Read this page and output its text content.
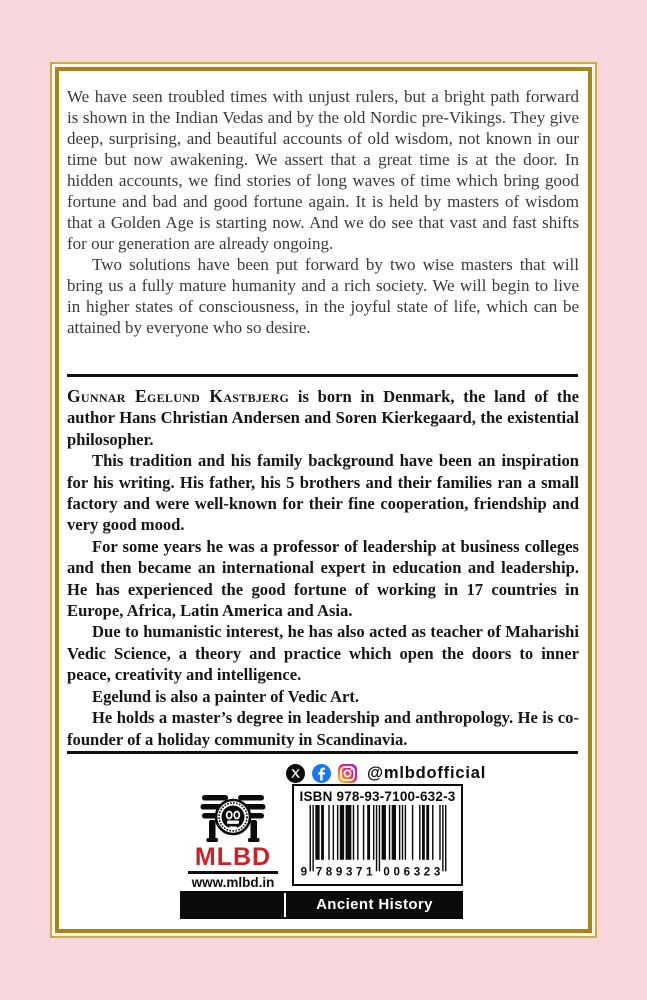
We have seen troubled times with unjust rulers, but a bright path forward is shown in the Indian Vedas and by the old Nordic pre-Vikings. They give deep, surprising, and beautiful accounts of old wisdom, not known in our time but now awakening. We assert that a great time is at the door. In hidden accounts, we find stories of long waves of time which bring good fortune and bad and good fortune again. It is held by masters of wisdom that a Golden Age is starting now. And we do see that vast and fast shifts for our generation are already ongoing.

Two solutions have been put forward by two wise masters that will bring us a fully mature humanity and a rich society. We will begin to live in higher states of consciousness, in the joyful state of life, which can be attained by everyone who so desire.

Gunnar Egelund Kastbjerg is born in Denmark, the land of the author Hans Christian Andersen and Soren Kierkegaard, the existential philosopher.

This tradition and his family background have been an inspiration for his writing. His father, his 5 brothers and their families ran a small factory and were well-known for their fine cooperation, friendship and very good mood.

For some years he was a professor of leadership at business colleges and then became an international expert in education and leadership. He has experienced the good fortune of working in 17 countries in Europe, Africa, Latin America and Asia.

Due to humanistic interest, he has also acted as teacher of Maharishi Vedic Science, a theory and practice which open the doors to inner peace, creativity and intelligence.

Egelund is also a painter of Vedic Art.

He holds a master’s degree in leadership and anthropology. He is co-founder of a holiday community in Scandinavia.

@mlbdofficial
MLBD
www.mlbd.in
ISBN 978-93-7100-632-3
9 7 8 9 3 7 1 0 0 6 3 2 3
Ancient History
